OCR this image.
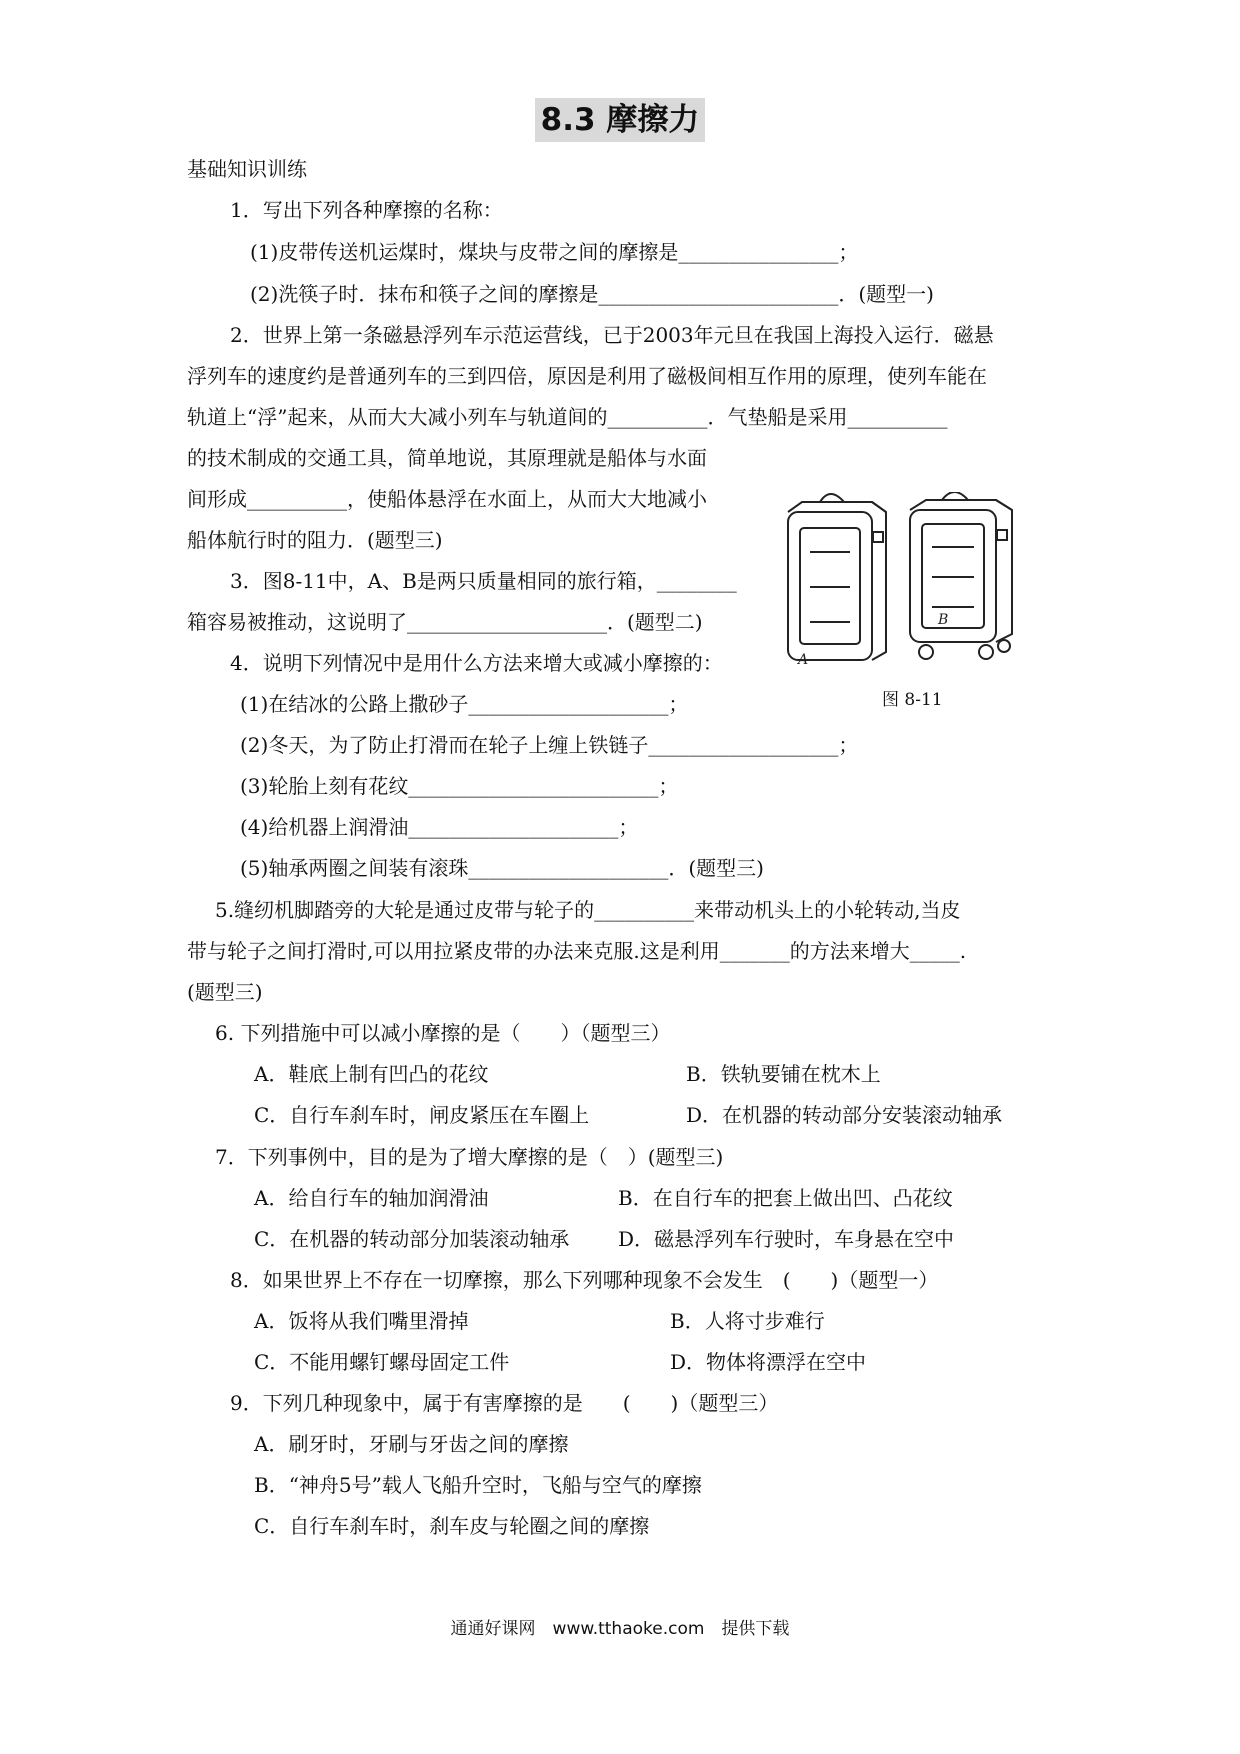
8.3 摩擦力
基础知识训练
1．写出下列各种摩擦的名称：
(1)皮带传送机运煤时，煤块与皮带之间的摩擦是________________；
(2)洗筷子时．抹布和筷子之间的摩擦是________________________．(题型一)
2．世界上第一条磁悬浮列车示范运营线，已于2003年元旦在我国上海投入运行．磁悬
浮列车的速度约是普通列车的三到四倍，原因是利用了磁极间相互作用的原理，使列车能在
轨道上“浮”起来，从而大大减小列车与轨道间的__________．气垫船是采用__________
的技术制成的交通工具，简单地说，其原理就是船体与水面
间形成__________，使船体悬浮在水面上，从而大大地减小
船体航行时的阻力．(题型三)
3．图8-11中，A、B是两只质量相同的旅行箱，________
箱容易被推动，这说明了____________________．(题型二)
4．说明下列情况中是用什么方法来增大或减小摩擦的：
(1)在结冰的公路上撒砂子____________________；
(2)冬天，为了防止打滑而在轮子上缠上铁链子___________________；
(3)轮胎上刻有花纹_________________________；
(4)给机器上润滑油_____________________；
(5)轴承两圈之间装有滚珠____________________．(题型三)
5.缝纫机脚踏旁的大轮是通过皮带与轮子的__________来带动机头上的小轮转动,当皮
带与轮子之间打滑时,可以用拉紧皮带的办法来克服.这是利用_______的方法来增大_____.
(题型三)
6. 下列措施中可以减小摩擦的是（　　）（题型三）
A．鞋底上制有凹凸的花纹	B．铁轨要铺在枕木上
C．自行车刹车时，闸皮紧压在车圈上	D．在机器的转动部分安装滚动轴承
7．下列事例中，目的是为了增大摩擦的是（　）(题型三)
A．给自行车的轴加润滑油	B．在自行车的把套上做出凹、凸花纹
C．在机器的转动部分加装滚动轴承 D．磁悬浮列车行驶时，车身悬在空中
8．如果世界上不存在一切摩擦，那么下列哪种现象不会发生　(　　)（题型一）
A．饭将从我们嘴里滑掉	B．人将寸步难行
C．不能用螺钉螺母固定工件	D．物体将漂浮在空中
9．下列几种现象中，属于有害摩擦的是　　(　　)（题型三）
A．刷牙时，牙刷与牙齿之间的摩擦
B．“神舟5号”载人飞船升空时，飞船与空气的摩擦
C．自行车刹车时，刹车皮与轮圈之间的摩擦
A
B
图 8-11
通通好课网　www.tthaoke.com　提供下载
